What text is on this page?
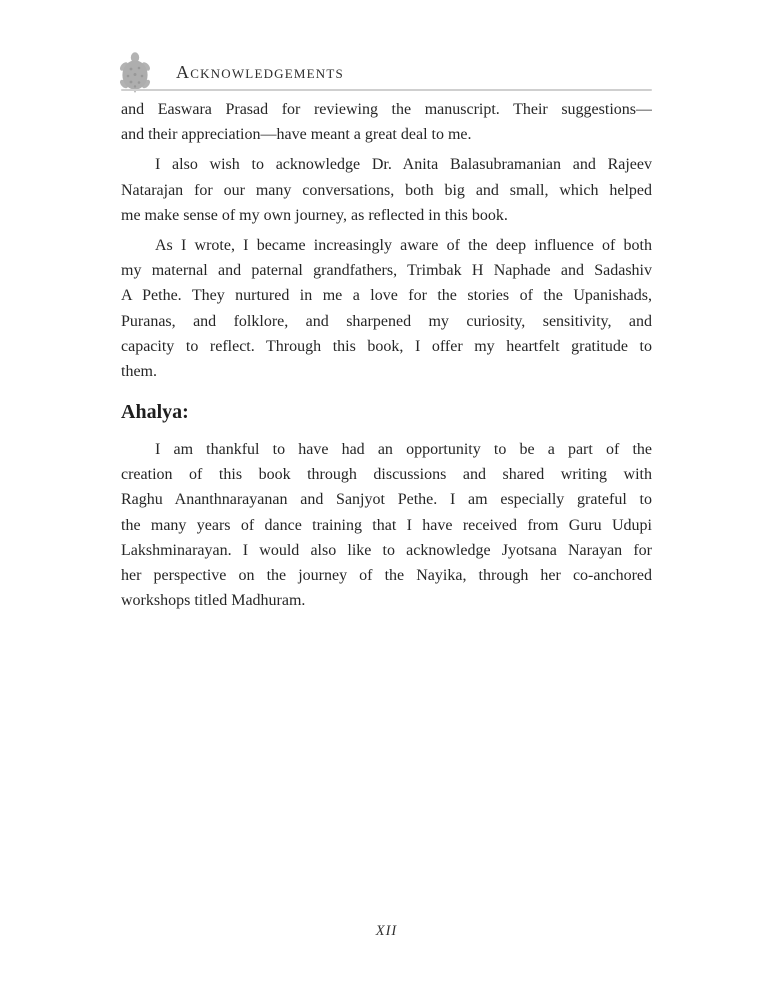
Acknowledgements

and Easwara Prasad for reviewing the manuscript. Their suggestions—
and their appreciation—have meant a great deal to me.

I also wish to acknowledge Dr. Anita Balasubramanian and Rajeev
Natarajan for our many conversations, both big and small, which helped
me make sense of my own journey, as reflected in this book.

As I wrote, I became increasingly aware of the deep influence of both
my maternal and paternal grandfathers, Trimbak H Naphade and Sadashiv
A Pethe. They nurtured in me a love for the stories of the Upanishads,
Puranas, and folklore, and sharpened my curiosity, sensitivity, and
capacity to reflect. Through this book, I offer my heartfelt gratitude to
them.

Ahalya:

I am thankful to have had an opportunity to be a part of the
creation of this book through discussions and shared writing with
Raghu Ananthnarayanan and Sanjyot Pethe. I am especially grateful to
the many years of dance training that I have received from Guru Udupi
Lakshminarayan. I would also like to acknowledge Jyotsana Narayan for
her perspective on the journey of the Nayika, through her co-anchored
workshops titled Madhuram.

XII
